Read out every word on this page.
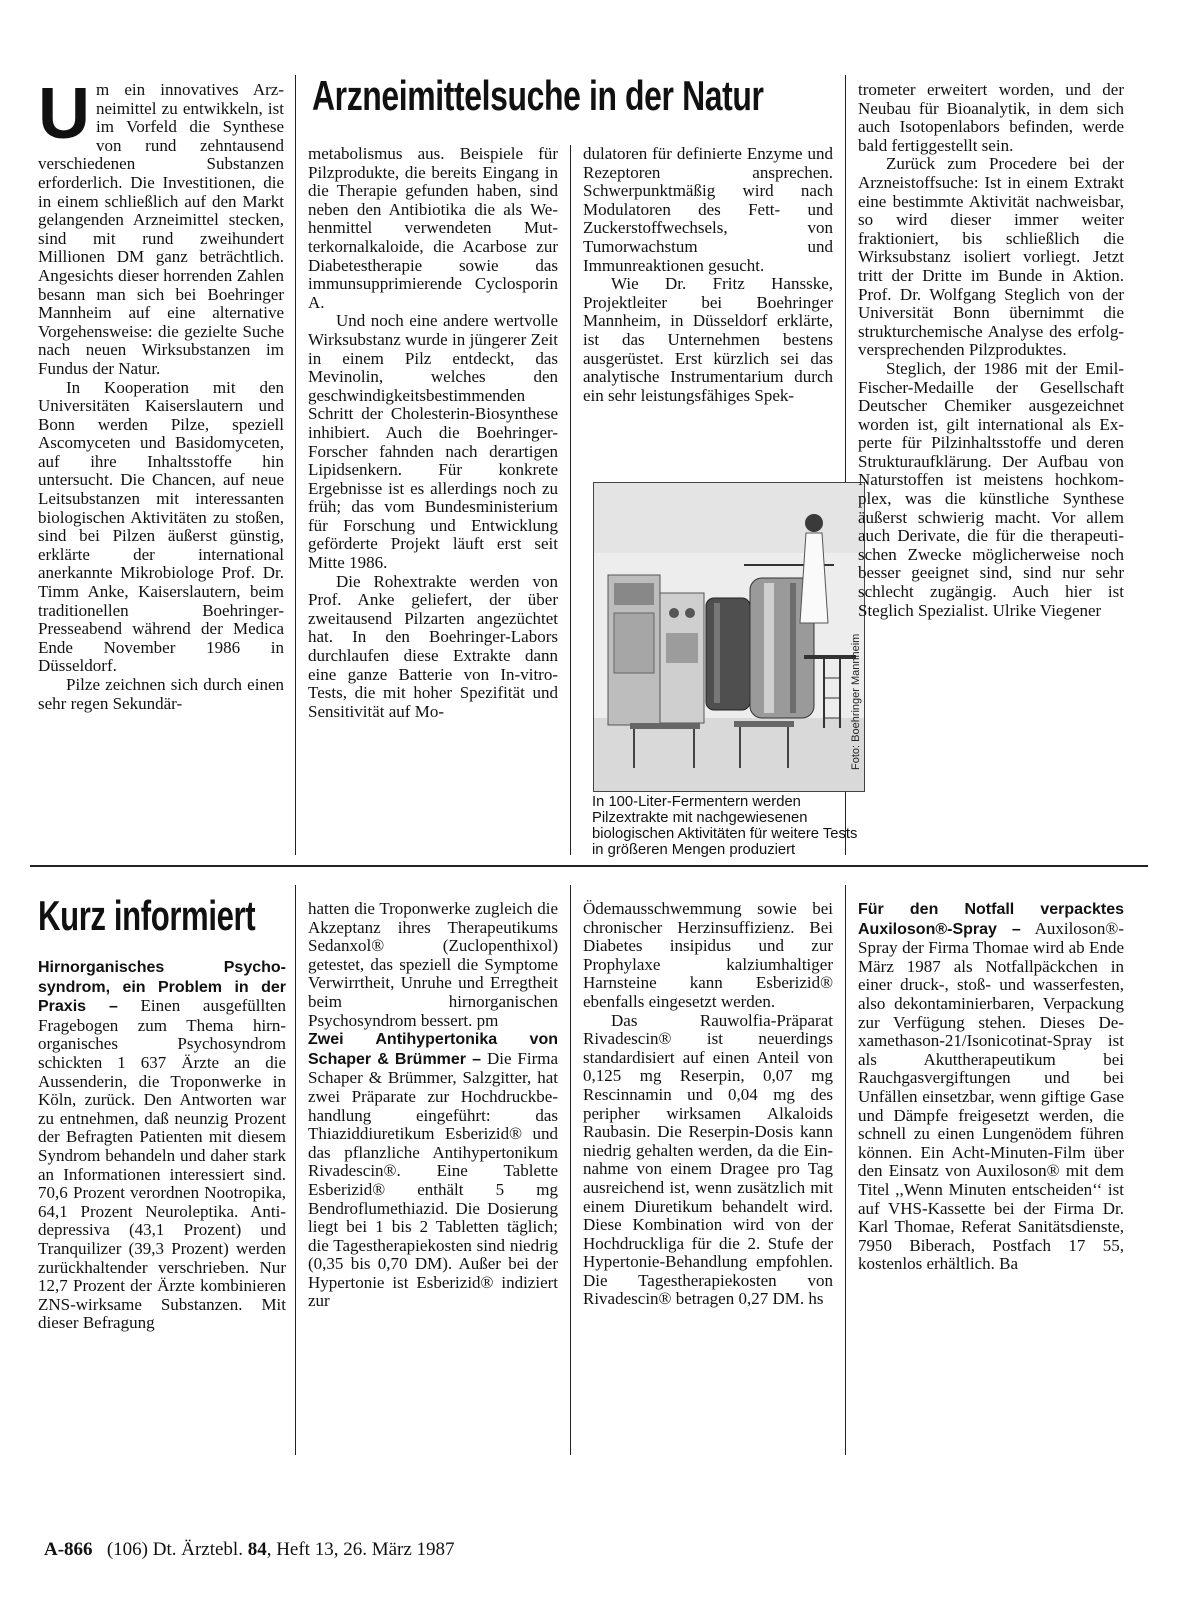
Arzneimittelsuche in der Natur

Um ein innovatives Arzneimittel zu entwikkeln, ist im Vorfeld die Synthese von rund zehntausend verschiedenen Substanzen erforderlich. Die Investitionen, die in einem schließlich auf den Markt gelangenden Arzneimittel stecken, sind mit rund zweihundert Millionen DM ganz beträchtlich. Angesichts dieser horrenden Zahlen besann man sich bei Boehringer Mannheim auf eine alternative Vorgehensweise: die gezielte Suche nach neuen Wirksubstanzen im Fundus der Natur.

In Kooperation mit den Universitäten Kaiserslautern und Bonn werden Pilze, speziell Ascomyceten und Basidomyceten, auf ihre Inhaltsstoffe hin untersucht. Die Chancen, auf neue Leitsubstanzen mit interessanten biologischen Aktivitäten zu stoßen, sind bei Pilzen äußerst günstig, erklärte der international anerkannte Mikrobiologe Prof. Dr. Timm Anke, Kaiserslautern, beim traditionellen Boehringer-Presseabend während der Medica Ende November 1986 in Düsseldorf.

Pilze zeichnen sich durch einen sehr regen Sekundär-

metabolismus aus. Beispiele für Pilzprodukte, die bereits Eingang in die Therapie gefunden haben, sind neben den Antibiotika die als Wehenmittel verwendeten Mutterkornalkaloide, die Acarbose zur Diabetestherapie sowie das immunsupprimierende Cyclosporin A.

Und noch eine andere wertvolle Wirksubstanz wurde in jüngerer Zeit in einem Pilz entdeckt, das Mevinolin, welches den geschwindigkeitsbestimmenden Schritt der Cholesterin-Biosynthese inhibiert. Auch die Boehringer-Forscher fahnden nach derartigen Lipidsenkern. Für konkrete Ergebnisse ist es allerdings noch zu früh; das vom Bundesministerium für Forschung und Entwicklung geförderte Projekt läuft erst seit Mitte 1986.

Die Rohextrakte werden von Prof. Anke geliefert, der über zweitausend Pilzarten angezüchtet hat. In den Boehringer-Labors durchlaufen diese Extrakte dann eine ganze Batterie von In-vitro-Tests, die mit hoher Spezifität und Sensitivität auf Mo-

dulatoren für definierte Enzyme und Rezeptoren ansprechen. Schwerpunktmäßig wird nach Modulatoren des Fett- und Zuckerstoffwechsels, von Tumorwachstum und Immunreaktionen gesucht.

Wie Dr. Fritz Hansske, Projektleiter bei Boehringer Mannheim, in Düsseldorf erklärte, ist das Unternehmen bestens ausgerüstet. Erst kürzlich sei das analytische Instrumentarium durch ein sehr leistungsfähiges Spek-

Foto: Boehringer Mannheim
In 100-Liter-Fermentern werden Pilzextrakte mit nachgewiesenen biologischen Aktivitäten für weitere Tests in größeren Mengen produziert

trometer erweitert worden, und der Neubau für Bioanalytik, in dem sich auch Isotopenlabors befinden, werde bald fertiggestellt sein.

Zurück zum Procedere bei der Arzneistoffsuche: Ist in einem Extrakt eine bestimmte Aktivität nachweisbar, so wird dieser immer weiter fraktioniert, bis schließlich die Wirksubstanz isoliert vorliegt. Jetzt tritt der Dritte im Bunde in Aktion. Prof. Dr. Wolfgang Steglich von der Universität Bonn übernimmt die strukturchemische Analyse des erfolgversprechenden Pilzproduktes.

Steglich, der 1986 mit der Emil-Fischer-Medaille der Gesellschaft Deutscher Chemiker ausgezeichnet worden ist, gilt international als Experte für Pilzinhaltsstoffe und deren Strukturaufklärung. Der Aufbau von Naturstoffen ist meistens hochkomplex, was die künstliche Synthese äußerst schwierig macht. Vor allem auch Derivate, die für die therapeutischen Zwecke möglicherweise noch besser geeignet sind, sind nur sehr schlecht zugängig. Auch hier ist Steglich Spezialist. Ulrike Viegener

Kurz informiert

Hirnorganisches Psychosyndrom, ein Problem in der Praxis – Einen ausgefüllten Fragebogen zum Thema hirnorganisches Psychosyndrom schickten 1 637 Ärzte an die Aussenderin, die Troponwerke in Köln, zurück. Den Antworten war zu entnehmen, daß neunzig Prozent der Befragten Patienten mit diesem Syndrom behandeln und daher stark an Informationen interessiert sind. 70,6 Prozent verordnen Nootropika, 64,1 Prozent Neuroleptika. Antidepressiva (43,1 Prozent) und Tranquilizer (39,3 Prozent) werden zurückhaltender verschrieben. Nur 12,7 Prozent der Ärzte kombinieren ZNS-wirksame Substanzen. Mit dieser Befragung

hatten die Troponwerke zugleich die Akzeptanz ihres Therapeutikums Sedanxol® (Zuclopenthixol) getestet, das speziell die Symptome Verwirrtheit, Unruhe und Erregtheit beim hirnorganischen Psychosyndrom bessert. pm

Zwei Antihypertonika von Schaper & Brümmer – Die Firma Schaper & Brümmer, Salzgitter, hat zwei Präparate zur Hochdruckbehandlung eingeführt: das Thiaziddiuretikum Esberizid® und das pflanzliche Antihypertonikum Rivadescin®. Eine Tablette Esberizid® enthält 5 mg Bendroflumethiazid. Die Dosierung liegt bei 1 bis 2 Tabletten täglich; die Tagestherapiekosten sind niedrig (0,35 bis 0,70 DM). Außer bei der Hypertonie ist Esberizid® indiziert zur

Ödemausschwemmung sowie bei chronischer Herzinsuffizienz. Bei Diabetes insipidus und zur Prophylaxe kalziumhaltiger Harnsteine kann Esberizid® ebenfalls eingesetzt werden.

Das Rauwolfia-Präparat Rivadescin® ist neuerdings standardisiert auf einen Anteil von 0,125 mg Reserpin, 0,07 mg Rescinnamin und 0,04 mg des peripher wirksamen Alkaloids Raubasin. Die Reserpin-Dosis kann niedrig gehalten werden, da die Einnahme von einem Dragee pro Tag ausreichend ist, wenn zusätzlich mit einem Diuretikum behandelt wird. Diese Kombination wird von der Hochdruckliga für die 2. Stufe der Hypertonie-Behandlung empfohlen. Die Tagestherapiekosten von Rivadescin® betragen 0,27 DM. hs

Für den Notfall verpacktes Auxiloson®-Spray – Auxiloson®-Spray der Firma Thomae wird ab Ende März 1987 als Notfallpäckchen in einer druck-, stoß- und wasserfesten, also dekontaminierbaren, Verpackung zur Verfügung stehen. Dieses Dexamethason-21/Isonicotinat-Spray ist als Akuttherapeutikum bei Rauchgasvergiftungen und bei Unfällen einsetzbar, wenn giftige Gase und Dämpfe freigesetzt werden, die schnell zu einen Lungenödem führen können. Ein Acht-Minuten-Film über den Einsatz von Auxiloson® mit dem Titel ,,Wenn Minuten entscheiden‘‘ ist auf VHS-Kassette bei der Firma Dr. Karl Thomae, Referat Sanitätsdienste, 7950 Biberach, Postfach 17 55, kostenlos erhältlich. Ba

A-866 (106) Dt. Ärztebl. 84, Heft 13, 26. März 1987
